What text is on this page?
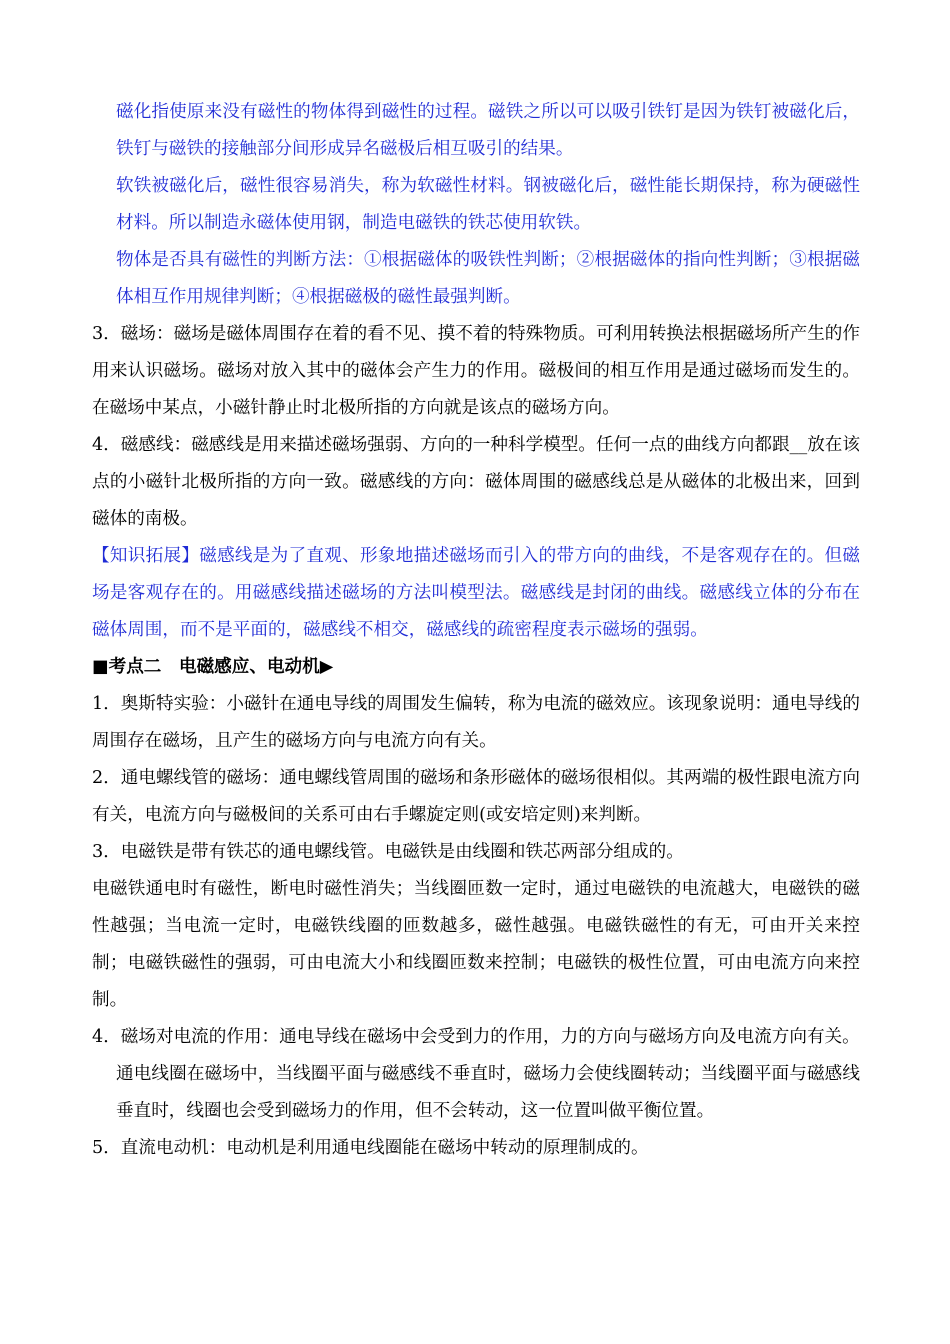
磁化指使原来没有磁性的物体得到磁性的过程。磁铁之所以可以吸引铁钉是因为铁钉被磁化后，铁钉与磁铁的接触部分间形成异名磁极后相互吸引的结果。

软铁被磁化后，磁性很容易消失，称为软磁性材料。钢被磁化后，磁性能长期保持，称为硬磁性材料。所以制造永磁体使用钢，制造电磁铁的铁芯使用软铁。

物体是否具有磁性的判断方法：①根据磁体的吸铁性判断；②根据磁体的指向性判断；③根据磁体相互作用规律判断；④根据磁极的磁性最强判断。

3．磁场：磁场是磁体周围存在着的看不见、摸不着的特殊物质。可利用转换法根据磁场所产生的作用来认识磁场。磁场对放入其中的磁体会产生力的作用。磁极间的相互作用是通过磁场而发生的。在磁场中某点，小磁针静止时北极所指的方向就是该点的磁场方向。

4．磁感线：磁感线是用来描述磁场强弱、方向的一种科学模型。任何一点的曲线方向都跟__放在该点的小磁针北极所指的方向一致。磁感线的方向：磁体周围的磁感线总是从磁体的北极出来，回到磁体的南极。

【知识拓展】磁感线是为了直观、形象地描述磁场而引入的带方向的曲线，不是客观存在的。但磁场是客观存在的。用磁感线描述磁场的方法叫模型法。磁感线是封闭的曲线。磁感线立体的分布在磁体周围，而不是平面的，磁感线不相交，磁感线的疏密程度表示磁场的强弱。

■考点二　电磁感应、电动机▶

1．奥斯特实验：小磁针在通电导线的周围发生偏转，称为电流的磁效应。该现象说明：通电导线的周围存在磁场，且产生的磁场方向与电流方向有关。

2．通电螺线管的磁场：通电螺线管周围的磁场和条形磁体的磁场很相似。其两端的极性跟电流方向有关，电流方向与磁极间的关系可由右手螺旋定则(或安培定则)来判断。

3．电磁铁是带有铁芯的通电螺线管。电磁铁是由线圈和铁芯两部分组成的。

电磁铁通电时有磁性，断电时磁性消失；当线圈匝数一定时，通过电磁铁的电流越大，电磁铁的磁性越强；当电流一定时，电磁铁线圈的匝数越多，磁性越强。电磁铁磁性的有无，可由开关来控制；电磁铁磁性的强弱，可由电流大小和线圈匝数来控制；电磁铁的极性位置，可由电流方向来控制。

4．磁场对电流的作用：通电导线在磁场中会受到力的作用，力的方向与磁场方向及电流方向有关。

通电线圈在磁场中，当线圈平面与磁感线不垂直时，磁场力会使线圈转动；当线圈平面与磁感线垂直时，线圈也会受到磁场力的作用，但不会转动，这一位置叫做平衡位置。

5．直流电动机：电动机是利用通电线圈能在磁场中转动的原理制成的。
